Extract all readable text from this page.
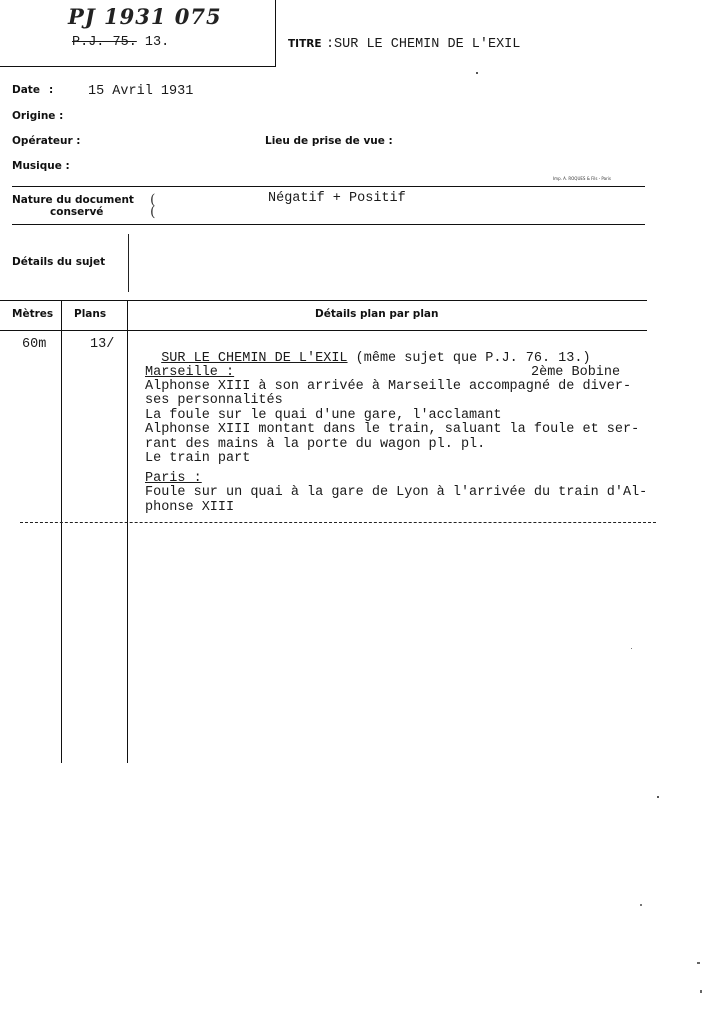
PJ 1931 075
P.J. 75. 13.	TITRE :SUR LE CHEMIN DE L'EXIL
Date :	15 Avril 1931
Origine :
Opérateur :	Lieu de prise de vue :
Musique :
Imp. A. ROQUES & Fils - Paris
Nature du document
conservé
(
(
Négatif + Positif
Détails du sujet
Mètres Plans	Détails plan par plan
60m	13/

SUR LE CHEMIN DE L'EXIL (même sujet que P.J. 76. 13.)

Marseille :	2ème Bobine
Alphonse XIII à son arrivée à Marseille accompagné de diver-
ses personnalités
La foule sur le quai d'une gare, l'acclamant
Alphonse XIII montant dans le train, saluant la foule et ser-
rant des mains à la porte du wagon pl. pl.
Le train part
Paris :
Foule sur un quai à la gare de Lyon à l'arrivée du train d'Al-
phonse XIII
